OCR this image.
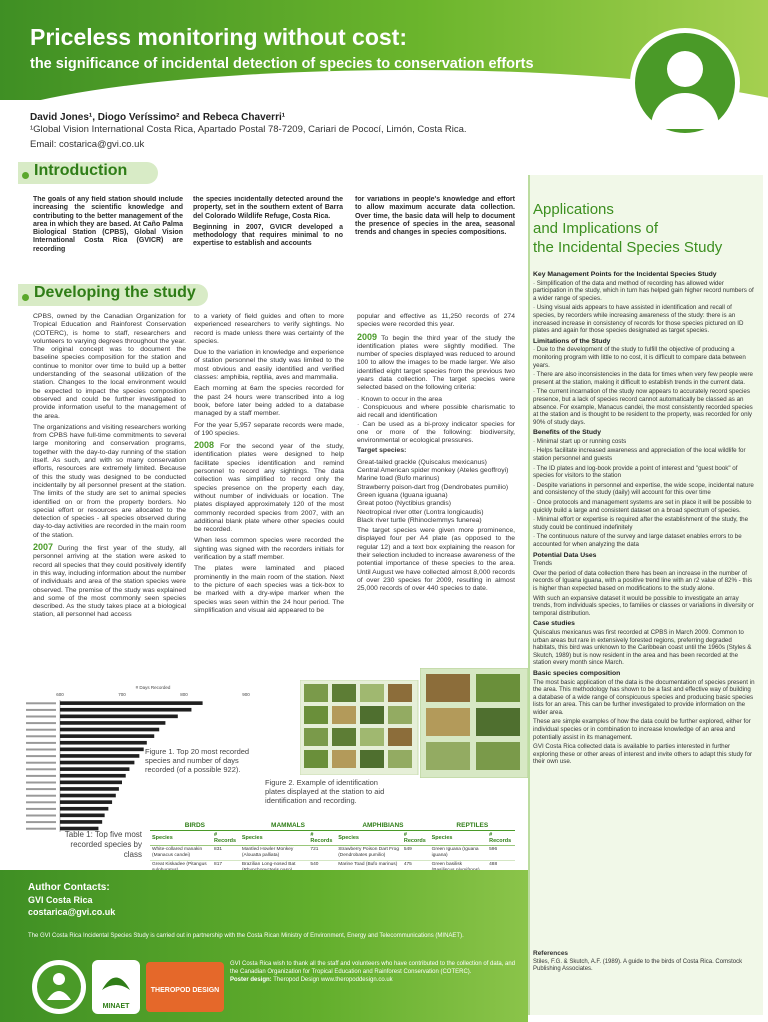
Priceless monitoring without cost:
the significance of incidental detection of species to conservation efforts
David Jones¹, Diogo Veríssimo² and Rebeca Chaverri¹
¹Global Vision International Costa Rica, Apartado Postal 78-7209, Cariari de Pococí, Limón, Costa Rica.
Email: costarica@gvi.co.uk
Introduction
The goals of any field station should include increasing the scientific knowledge and contributing to the better management of the area in which they are based. At Caño Palma Biological Station (CPBS), Global Vision International Costa Rica (GVICR) are recording

the species incidentally detected around the property, set in the southern extent of Barra del Colorado Wildlife Refuge, Costa Rica.

Beginning in 2007, GVICR developed a methodology that requires minimal to no expertise to establish and accounts

for variations in people's knowledge and effort to allow maximum accurate data collection. Over time, the basic data will help to document the presence of species in the area, seasonal trends and changes in species compositions.
Developing the study

CPBS, owned by the Canadian Organization for Tropical Education and Rainforest Conservation (COTERC), is home to staff, researchers and volunteers to varying degrees throughout the year. The original concept was to document the baseline species composition for the station and continue to monitor over time to build up a better understanding of the seasonal utilization of the station. Changes to the local environment would be expected to impact the species composition observed and could be further investigated to provide information useful to the management of the area.

The organizations and visiting researchers working from CPBS have full-time commitments to several large monitoring and conservation programs, together with the day-to-day running of the station itself. As such, and with so many conservation efforts, resources are extremely limited. Because of this the study was designed to be conducted incidentally by all personnel present at the station. The limits of the study are set to animal species identified on or from the property borders. No special effort or resources are allocated to the detection of species - all species observed during day-to-day activities are recorded in the main room of the station.

2007 During the first year of the study, all personnel arriving at the station were asked to record all species that they could positively identify in this way, including information about the number of individuals and area of the station species were observed. The premise of the study was explained and some of the most commonly seen species described. As the study takes place at a biological station, all personnel had access

to a variety of field guides and often to more experienced researchers to verify sightings. No record is made unless there was certainty of the species.

Due to the variation in knowledge and experience of station personnel the study was limited to the most obvious and easily identified and verified classes: amphibia, reptilia, aves and mammalia.

Each morning at 6am the species recorded for the past 24 hours were transcribed into a log book, before later being added to a database managed by a staff member.

For the year 5,957 separate records were made, of 190 species.

2008 For the second year of the study, identification plates were designed to help facilitate species identification and remind personnel to record any sightings. The data collection was simplified to record only the species presence on the property each day, without number of individuals or location. The plates displayed approximately 120 of the most commonly recorded species from 2007, with an additional blank plate where other species could be recorded.

When less common species were recorded the sighting was signed with the recorders initials for verification by a staff member.

The plates were laminated and placed prominently in the main room of the station. Next to the picture of each species was a tick-box to be marked with a dry-wipe marker when the species was seen within the 24 hour period. The simplification and visual aid appeared to be

popular and effective as 11,250 records of 274 species were recorded this year.

2009 To begin the third year of the study the identification plates were slightly modified. The number of species displayed was reduced to around 100 to allow the images to be made larger. We also identified eight target species from the previous two years data collection. The target species were selected based on the following criteria:

· Known to occur in the area
· Conspicuous and where possible charismatic to aid recall and identification
· Can be used as a bi-proxy indicator species for one or more of the following: biodiversity, environmental or ecological pressures.

Target species:

Great-tailed grackle (Quiscalus mexicanus)
Central American spider monkey (Ateles geoffroyi)
Marine toad (Bufo marinus)
Strawberry poison-dart frog (Dendrobates pumilio)
Green iguana (Iguana iguana)
Great potoo (Nyctibius grandis)
Neotropical river otter (Lontra longicaudis)
Black river turtle (Rhinoclemmys funerea)

The target species were given more prominence, displayed four per A4 plate (as opposed to the regular 12) and a text box explaining the reason for their selection included to increase awareness of the potential importance of these species to the area. Until August we have collected almost 8,000 records of over 230 species for 2009, resulting in almost 25,000 records of over 440 species to date.

# Days Recorded
600	700	800	900
Figure 1. Top 20 most recorded species and number of days recorded (of a possible 922).
Figure 2. Example of identification plates displayed at the station to aid identification and recording.
Table 1: Top five most recorded species by class
BIRDS		MAMMALS		AMPHIBIANS		REPTILES	
Species	# Records	Species	# Records	Species	# Records	Species	# Records
White-collared manakin (Manacus candei)	831	Mantled Howler Monkey (Alouatta palliata)	721	Strawberry Poison Dart Frog (Dendrobates pumilio)	549	Green Iguana (Iguana iguana)	596
Great Kiskadee (Pitangus	817	Brazilian Long-nosed Bat	540	Marine Toad (Bufo marinus)	475	Green basilisk	488

Author Contacts:
GVI Costa Rica
costarica@gvi.co.uk
The GVI Costa Rica Incidental Species Study is carried out in partnership with the Costa Rican Ministry of Environment, Energy and Telecommunications (MINAET).
MINAET
THEROPOD DESIGN

GVI Costa Rica wish to thank all the staff and volunteers who have contributed to the collection of data, and the Canadian Organization for Tropical Education and Rainforest Conservation (COTERC).

Poster design: Theropod Design www.theropoddesign.co.uk

Applications
and Implications of
the Incidental Species Study
Key Management Points for the Incidental Species Study

· Simplification of the data and method of recording has allowed wider participation in the study, which in turn has helped gain higher record numbers of a wider range of species.

· Using visual aids appears to have assisted in identification and recall of species, by recorders while increasing awareness of the study: there is an increased increase in consistency of records for those species pictured on ID plates and again for those species designated as target species.

Limitations of the Study

· Due to the development of the study to fulfill the objective of producing a monitoring program with little to no cost, it is difficult to compare data between years.

· There are also inconsistencies in the data for times when very few people were present at the station, making it difficult to establish trends in the current data.

· The current incarnation of the study now appears to accurately record species presence, but a lack of species record cannot automatically be classed as an absence. For example, Manacus candei, the most consistently recorded species at the station and is thought to be resident to the property, was recorded for only 90% of study days.

Benefits of the Study

· Minimal start up or running costs

· Helps facilitate increased awareness and appreciation of the local wildlife for station personnel and guests

· The ID plates and log-book provide a point of interest and "guest book" of species for visitors to the station

· Despite variations in personnel and expertise, the wide scope, incidental nature and consistency of the study (daily) will account for this over time

· Once protocols and management systems are set in place it will be possible to quickly build a large and consistent dataset on a broad spectrum of species.

· Minimal effort or expertise is required after the establishment of the study, the study could be continued indefinitely

· The continuous nature of the survey and large dataset enables errors to be accounted for when analyzing the data

Potential Data Uses

Trends

Over the period of data collection there has been an increase in the number of records of Iguana iguana, with a positive trend line with an r2 value of 82% - this is higher than expected based on modifications to the study alone.

With such an expansive dataset it would be possible to investigate an array trends, from individuals species, to families or classes or variations in diversity or temporal distribution.

Case studies

Quiscalus mexicanus was first recorded at CPBS in March 2009. Common to urban areas but rare in extensively forested regions, preferring degraded habitats, this bird was unknown to the Caribbean coast until the 1960s (Styles & Skutch, 1989) but is now resident in the area and has been recorded at the station every month since March.

Basic species composition

The most basic application of the data is the documentation of species present in the area. This methodology has shown to be a fast and effective way of building a database of a wide range of conspicuous species and producing basic species lists for an area. This can be further investigated to provide information on the wider area.

These are simple examples of how the data could be further explored, either for individual species or in combination to increase knowledge of an area and potentially assist in its management.

GVI Costa Rica collected data is available to parties interested in further exploring these or other areas of interest and invite others to adapt this study for their own use.

References

Stiles, F.G. & Skutch, A.F. (1989). A guide to the birds of Costa Rica. Comstock Publishing Associates.
